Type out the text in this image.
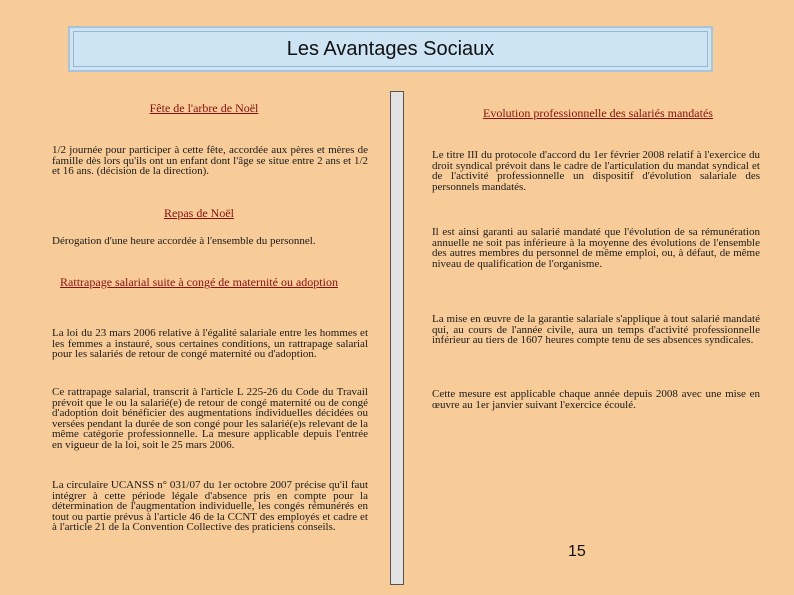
Les Avantages Sociaux
Fête de l'arbre de Noël

1/2 journée pour participer à cette fête, accordée aux pères et mères de famille dès lors qu'ils ont un enfant dont l'âge se situe entre 2 ans et 1/2 et 16 ans. (décision de la direction).

Repas de Noël

Dérogation d'une heure accordée à l'ensemble du personnel.

Rattrapage salarial suite à congé de maternité ou adoption

La loi du 23 mars 2006 relative à l'égalité salariale entre les hommes et les femmes a instauré, sous certaines conditions, un rattrapage salarial pour les salariés de retour de congé maternité ou d'adoption.

Ce rattrapage salarial, transcrit à l'article L 225-26 du Code du Travail prévoit que le ou la salarié(e) de retour de congé maternité ou de congé d'adoption doit bénéficier des augmentations individuelles décidées ou versées pendant la durée de son congé pour les salarié(e)s relevant de la même catégorie professionnelle. La mesure applicable depuis l'entrée en vigueur de la loi, soit le 25 mars 2006.

La circulaire UCANSS n° 031/07 du 1er octobre 2007 précise qu'il faut intégrer à cette période légale d'absence pris en compte pour la détermination de l'augmentation individuelle, les congés rémunérés en tout ou partie prévus à l'article 46 de la CCNT des employés et cadre et à l'article 21 de la Convention Collective des praticiens conseils.

Evolution professionnelle des salariés mandatés

Le titre III du protocole d'accord du 1er février 2008 relatif à l'exercice du droit syndical prévoit dans le cadre de l'articulation du mandat syndical et de l'activité professionnelle un dispositif d'évolution salariale des personnels mandatés.

Il est ainsi garanti au salarié mandaté que l'évolution de sa rémunération annuelle ne soit pas inférieure à la moyenne des évolutions de l'ensemble des autres membres du personnel de même emploi, ou, à défaut, de même niveau de qualification de l'organisme.

La mise en œuvre de la garantie salariale s'applique à tout salarié mandaté qui, au cours de l'année civile, aura un temps d'activité professionnelle inférieur au tiers de 1607 heures compte tenu de ses absences syndicales.

Cette mesure est applicable chaque année depuis 2008 avec une mise en œuvre au 1er janvier suivant l'exercice écoulé.

15
